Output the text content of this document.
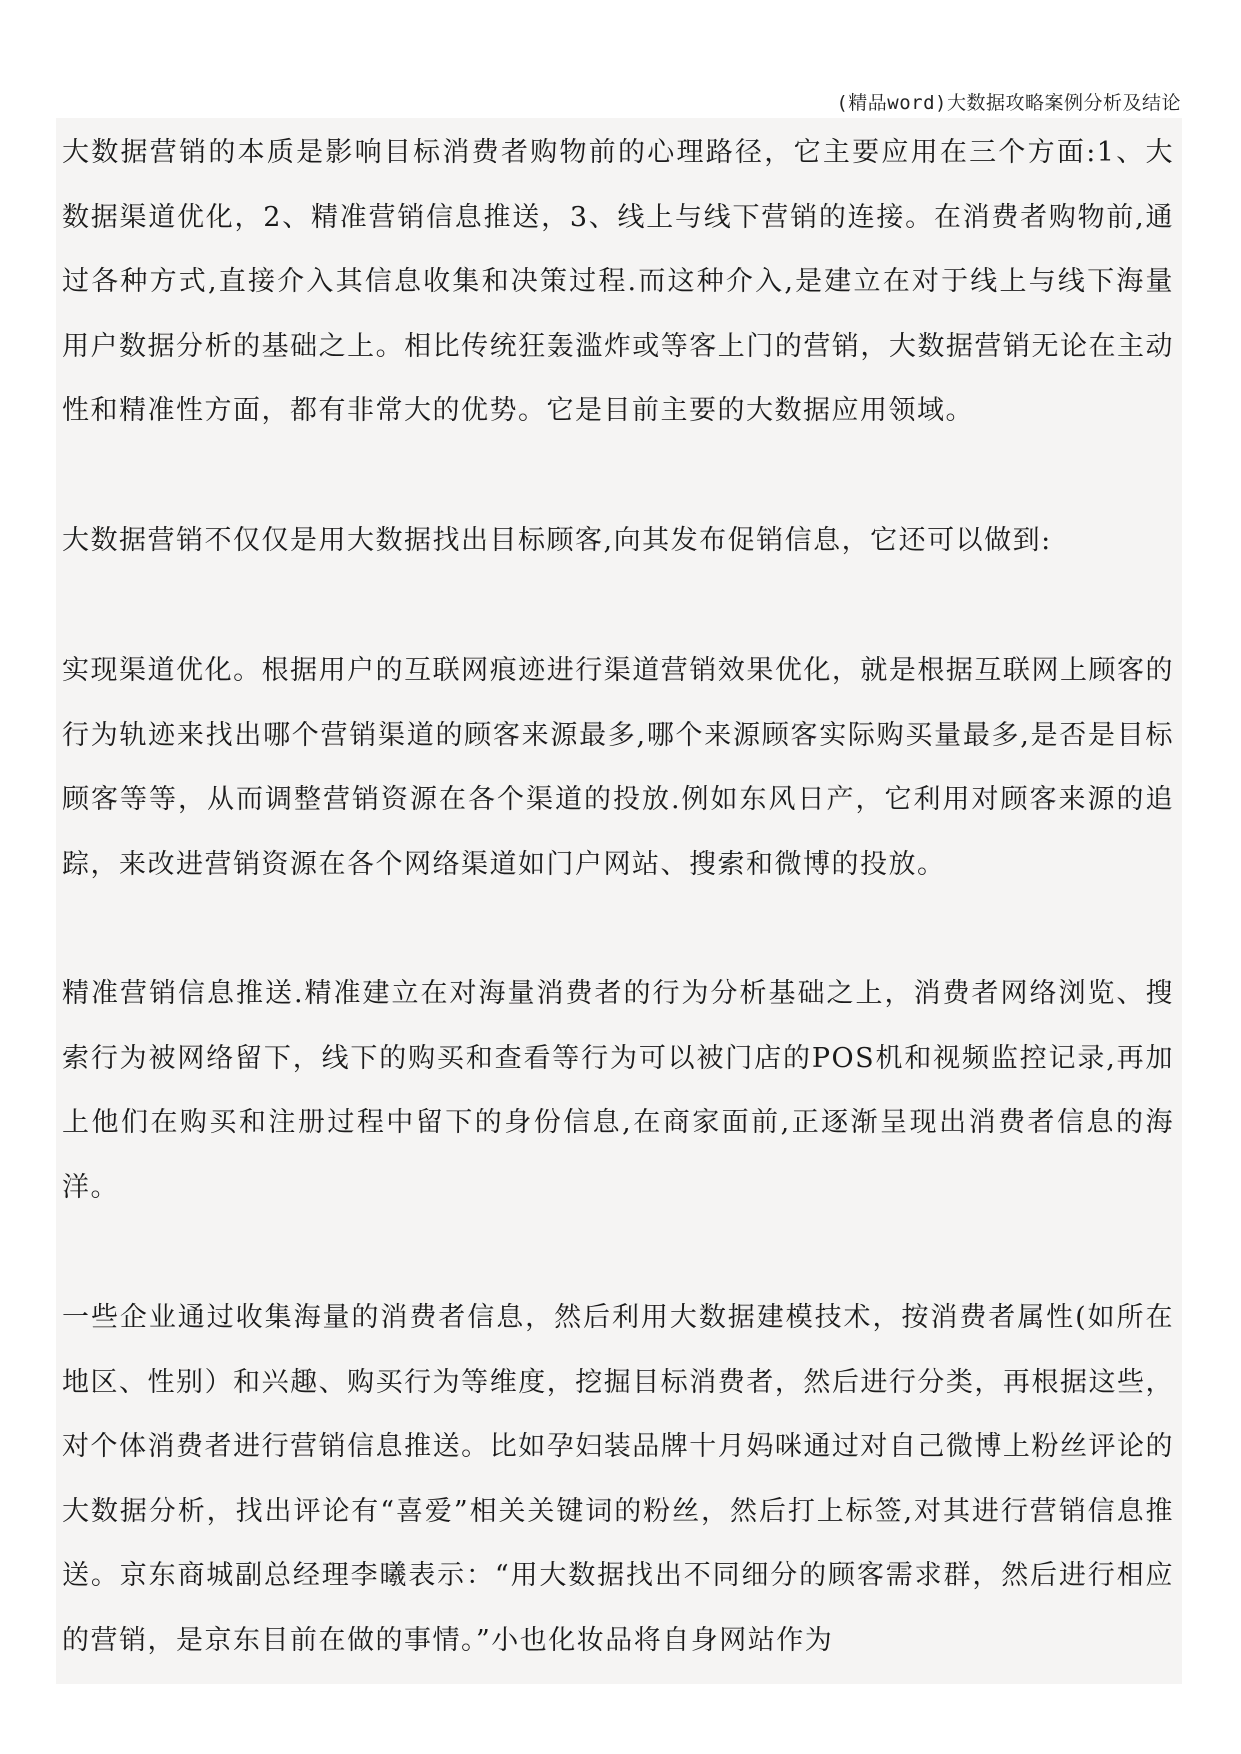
(精品word)大数据攻略案例分析及结论

大数据营销的本质是影响目标消费者购物前的心理路径，它主要应用在三个方面:1、大数据渠道优化，2、精准营销信息推送，3、线上与线下营销的连接。在消费者购物前,通过各种方式,直接介入其信息收集和决策过程.而这种介入,是建立在对于线上与线下海量用户数据分析的基础之上。相比传统狂轰滥炸或等客上门的营销，大数据营销无论在主动性和精准性方面，都有非常大的优势。它是目前主要的大数据应用领域。

大数据营销不仅仅是用大数据找出目标顾客,向其发布促销信息，它还可以做到:

实现渠道优化。根据用户的互联网痕迹进行渠道营销效果优化，就是根据互联网上顾客的行为轨迹来找出哪个营销渠道的顾客来源最多,哪个来源顾客实际购买量最多,是否是目标顾客等等，从而调整营销资源在各个渠道的投放.例如东风日产，它利用对顾客来源的追踪，来改进营销资源在各个网络渠道如门户网站、搜索和微博的投放。

精准营销信息推送.精准建立在对海量消费者的行为分析基础之上，消费者网络浏览、搜索行为被网络留下，线下的购买和查看等行为可以被门店的POS机和视频监控记录,再加上他们在购买和注册过程中留下的身份信息,在商家面前,正逐渐呈现出消费者信息的海洋。

一些企业通过收集海量的消费者信息，然后利用大数据建模技术，按消费者属性(如所在地区、性别）和兴趣、购买行为等维度，挖掘目标消费者，然后进行分类，再根据这些，对个体消费者进行营销信息推送。比如孕妇装品牌十月妈咪通过对自己微博上粉丝评论的大数据分析，找出评论有“喜爱”相关关键词的粉丝，然后打上标签,对其进行营销信息推送。京东商城副总经理李曦表示：“用大数据找出不同细分的顾客需求群，然后进行相应的营销，是京东目前在做的事情。”小也化妆品将自身网站作为
